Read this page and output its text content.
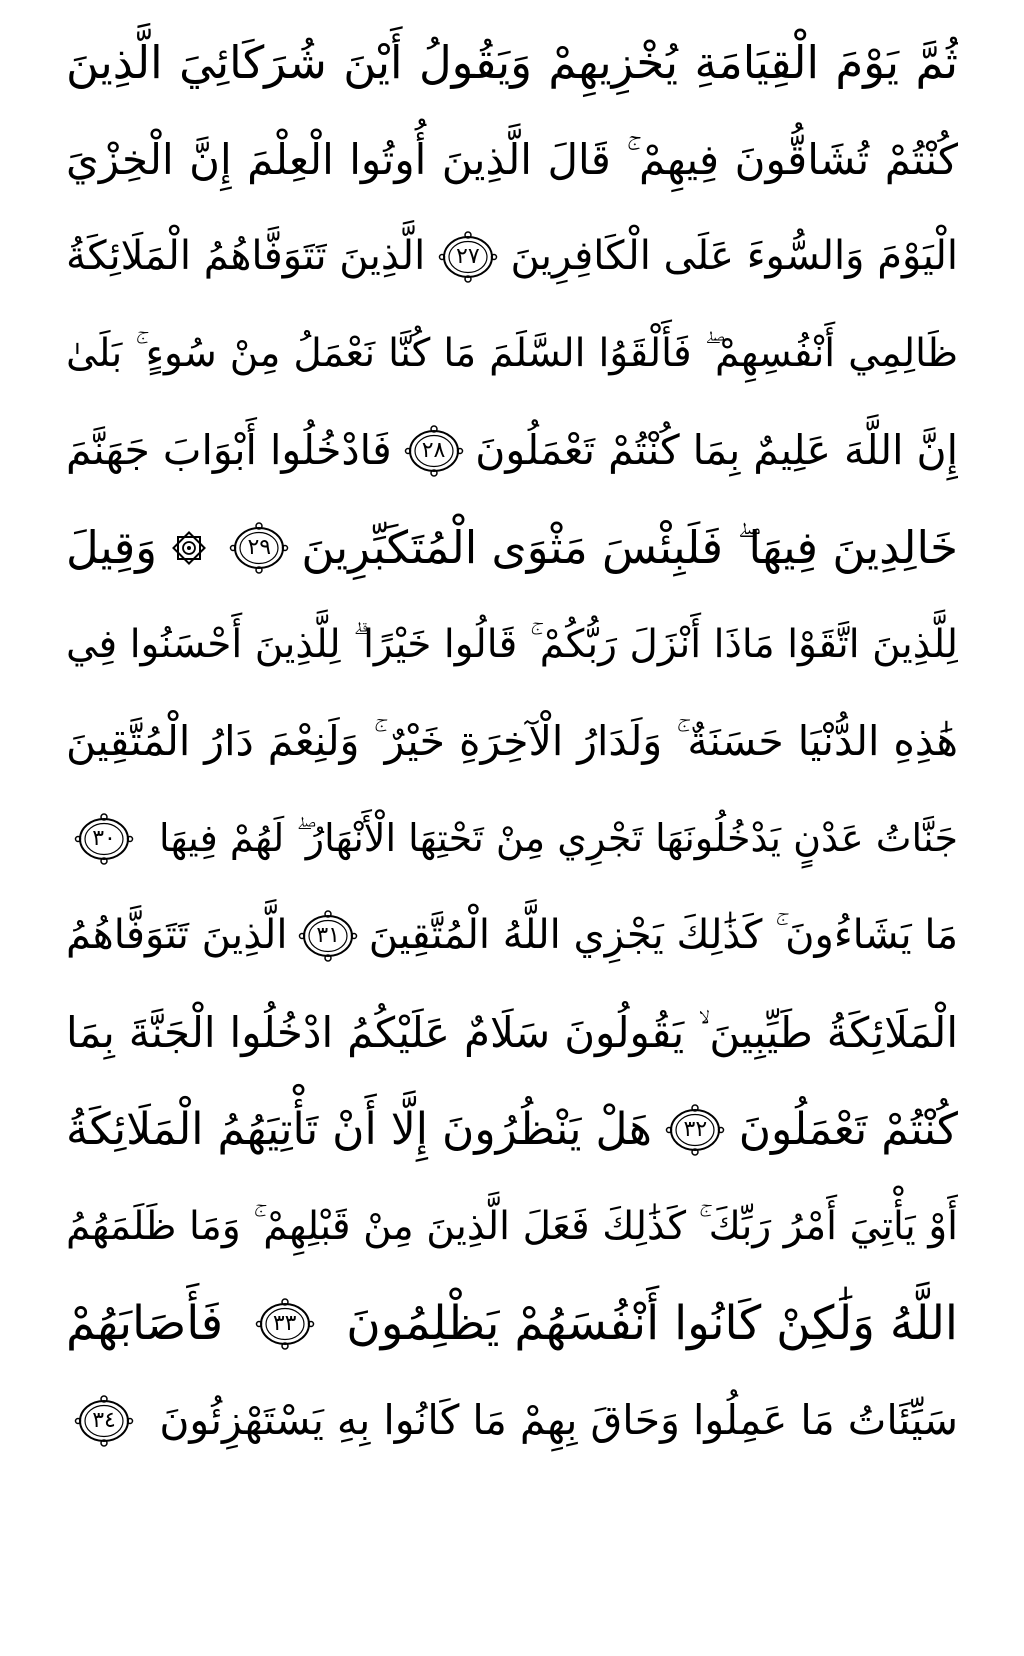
ثُمَّ يَوْمَ الْقِيَامَةِ يُخْزِيهِمْ وَيَقُولُ أَيْنَ شُرَكَائِيَ الَّذِينَ
كُنْتُمْ تُشَاقُّونَ فِيهِمْ ۚ قَالَ الَّذِينَ أُوتُوا الْعِلْمَ إِنَّ الْخِزْيَ
الْيَوْمَ وَالسُّوءَ عَلَى الْكَافِرِينَ
٢٧
الَّذِينَ تَتَوَفَّاهُمُ الْمَلَائِكَةُ
ظَالِمِي أَنْفُسِهِمْ ۖ فَأَلْقَوُا السَّلَمَ مَا كُنَّا نَعْمَلُ مِنْ سُوءٍ ۚ بَلَىٰ
إِنَّ اللَّهَ عَلِيمٌ بِمَا كُنْتُمْ تَعْمَلُونَ
٢٨
فَادْخُلُوا أَبْوَابَ جَهَنَّمَ
خَالِدِينَ فِيهَا ۖ فَلَبِئْسَ مَثْوَى الْمُتَكَبِّرِينَ
٢٩
وَقِيلَ
لِلَّذِينَ اتَّقَوْا مَاذَا أَنْزَلَ رَبُّكُمْ ۚ قَالُوا خَيْرًا ۗ لِلَّذِينَ أَحْسَنُوا فِي
هَٰذِهِ الدُّنْيَا حَسَنَةٌ ۚ وَلَدَارُ الْآخِرَةِ خَيْرٌ ۚ وَلَنِعْمَ دَارُ الْمُتَّقِينَ
جَنَّاتُ عَدْنٍ يَدْخُلُونَهَا تَجْرِي مِنْ تَحْتِهَا الْأَنْهَارُ ۖ لَهُمْ فِيهَا
٣٠
مَا يَشَاءُونَ ۚ كَذَٰلِكَ يَجْزِي اللَّهُ الْمُتَّقِينَ
٣١
الَّذِينَ تَتَوَفَّاهُمُ
الْمَلَائِكَةُ طَيِّبِينَ ۙ يَقُولُونَ سَلَامٌ عَلَيْكُمُ ادْخُلُوا الْجَنَّةَ بِمَا
كُنْتُمْ تَعْمَلُونَ
٣٢
هَلْ يَنْظُرُونَ إِلَّا أَنْ تَأْتِيَهُمُ الْمَلَائِكَةُ
أَوْ يَأْتِيَ أَمْرُ رَبِّكَ ۚ كَذَٰلِكَ فَعَلَ الَّذِينَ مِنْ قَبْلِهِمْ ۚ وَمَا ظَلَمَهُمُ
اللَّهُ وَلَٰكِنْ كَانُوا أَنْفُسَهُمْ يَظْلِمُونَ
٣٣
فَأَصَابَهُمْ
سَيِّئَاتُ مَا عَمِلُوا وَحَاقَ بِهِمْ مَا كَانُوا بِهِ يَسْتَهْزِئُونَ
٣٤
